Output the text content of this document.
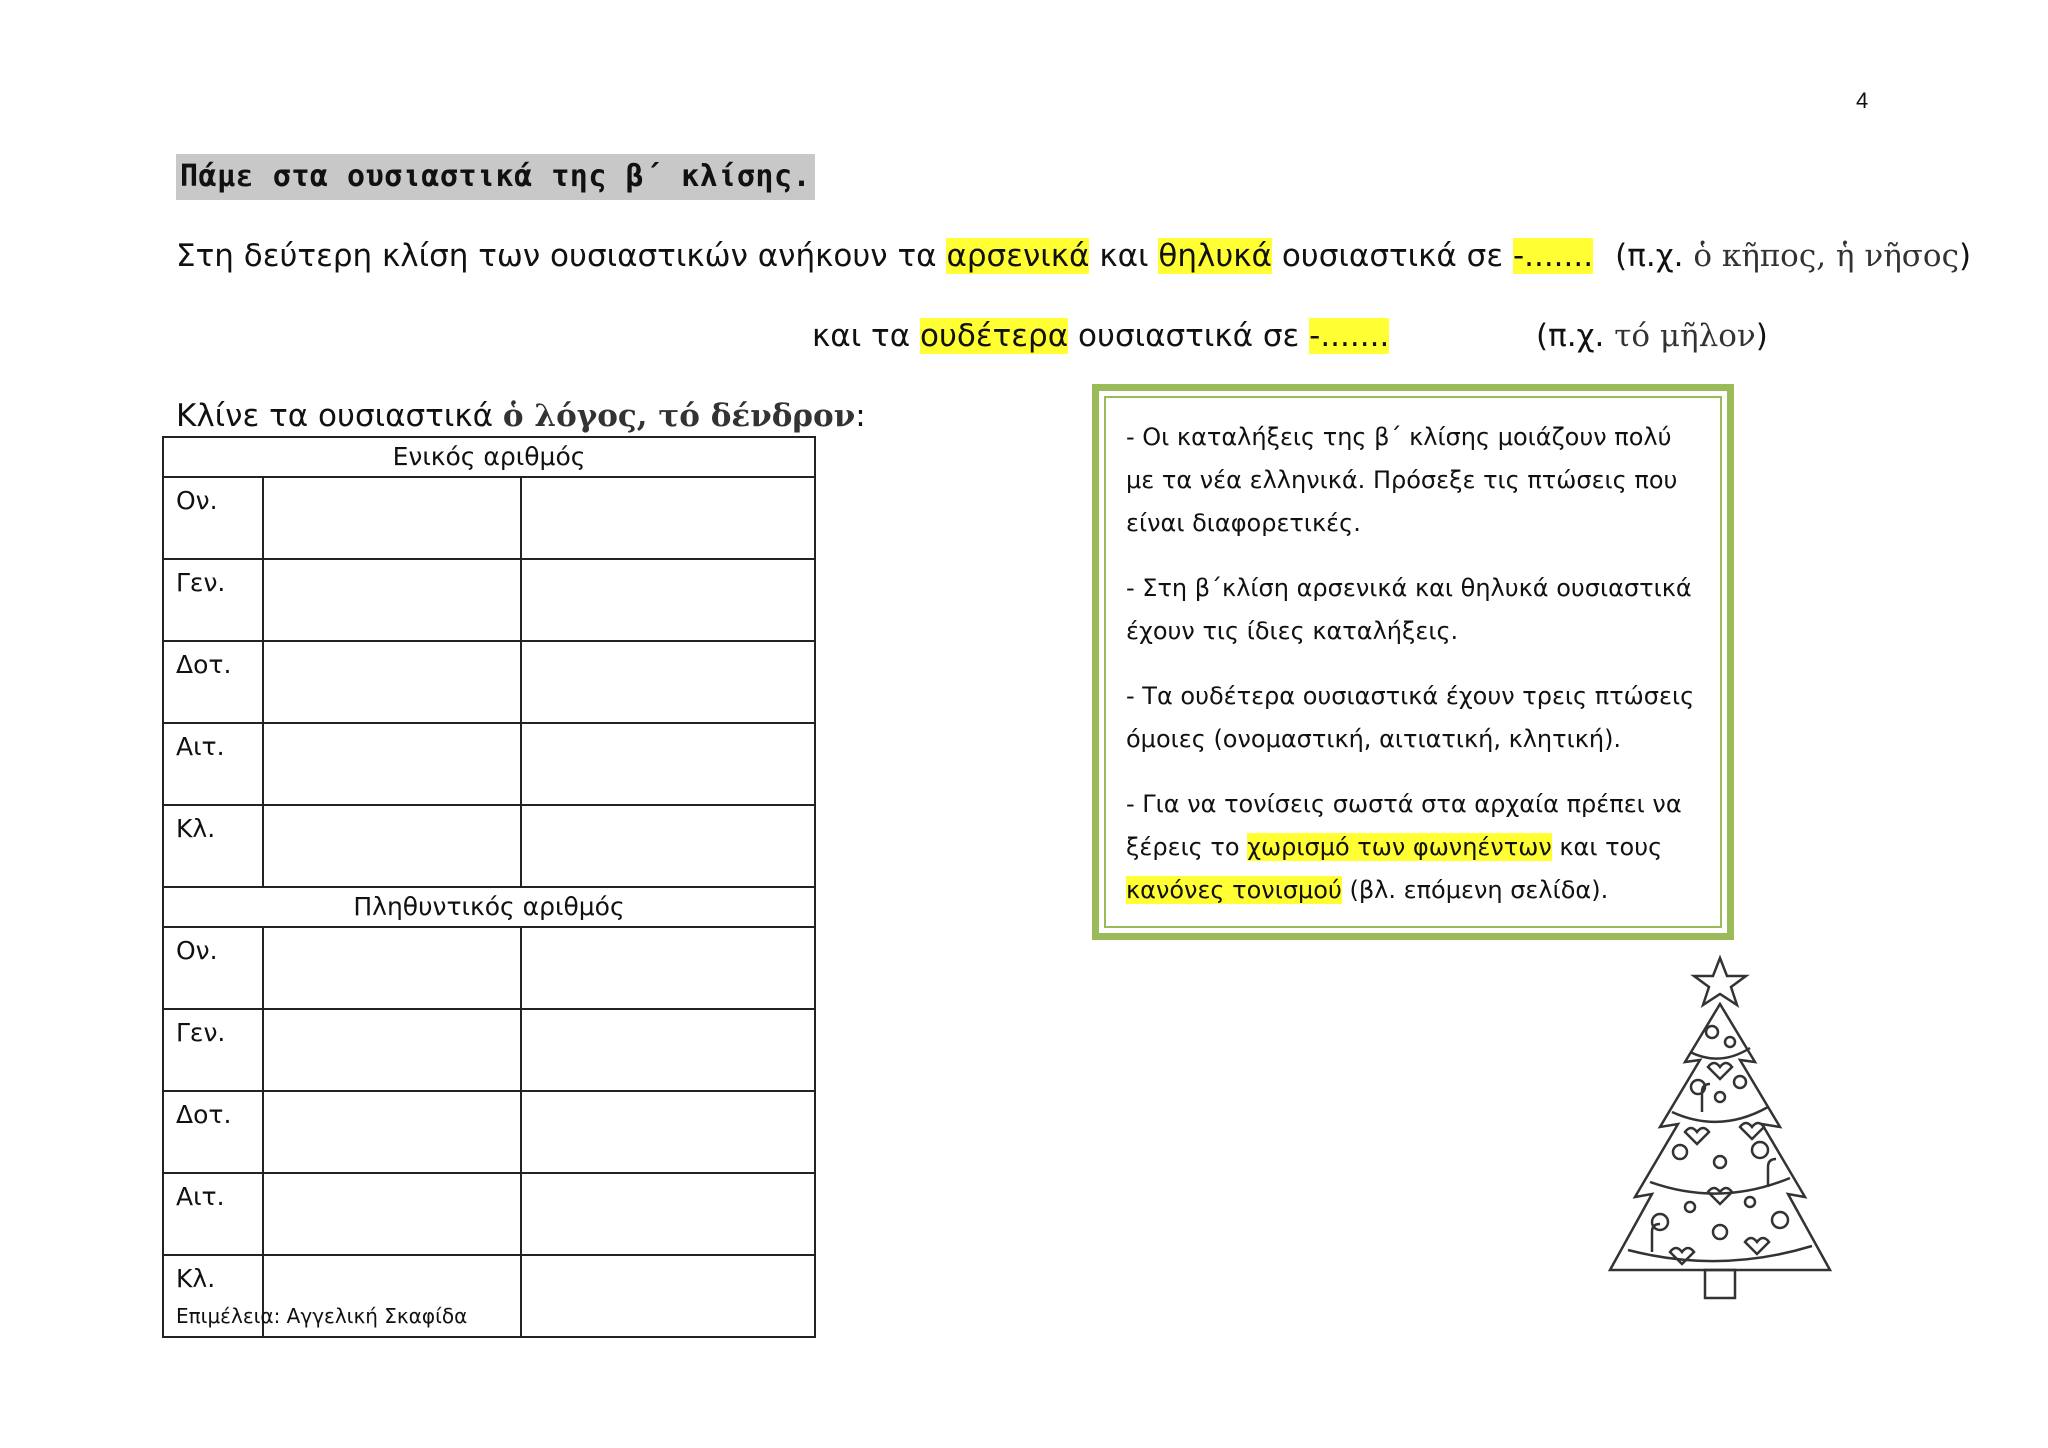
4
Πάμε στα ουσιαστικά της β΄ κλίσης.
Στη δεύτερη κλίση των ουσιαστικών ανήκουν τα αρσενικά και θηλυκά ουσιαστικά σε -....... (π.χ. ὁ κῆπος, ἡ νῆσος)
και τα ουδέτερα ουσιαστικά σε -.......	(π.χ. τό μῆλον)
Κλίνε τα ουσιαστικά ὁ λόγος, τό δένδρον:
Ενικός αριθμός		
Ον.		
Γεν.		
Δοτ.		
Αιτ.		
Κλ.		
Πληθυντικός αριθμός		
Ον.		
Γεν.		
Δοτ.		
Αιτ.		
Κλ.		
Επιμέλεια: Αγγελική Σκαφίδα

- Οι καταλήξεις της β΄ κλίσης μοιάζουν πολύ με τα νέα ελληνικά. Πρόσεξε τις πτώσεις που είναι διαφορετικές.

- Στη β΄κλίση αρσενικά και θηλυκά ουσιαστικά έχουν τις ίδιες καταλήξεις.

- Τα ουδέτερα ουσιαστικά έχουν τρεις πτώσεις όμοιες (ονομαστική, αιτιατική, κλητική).

- Για να τονίσεις σωστά στα αρχαία πρέπει να ξέρεις το χωρισμό των φωνηέντων και τους κανόνες τονισμού (βλ. επόμενη σελίδα).
